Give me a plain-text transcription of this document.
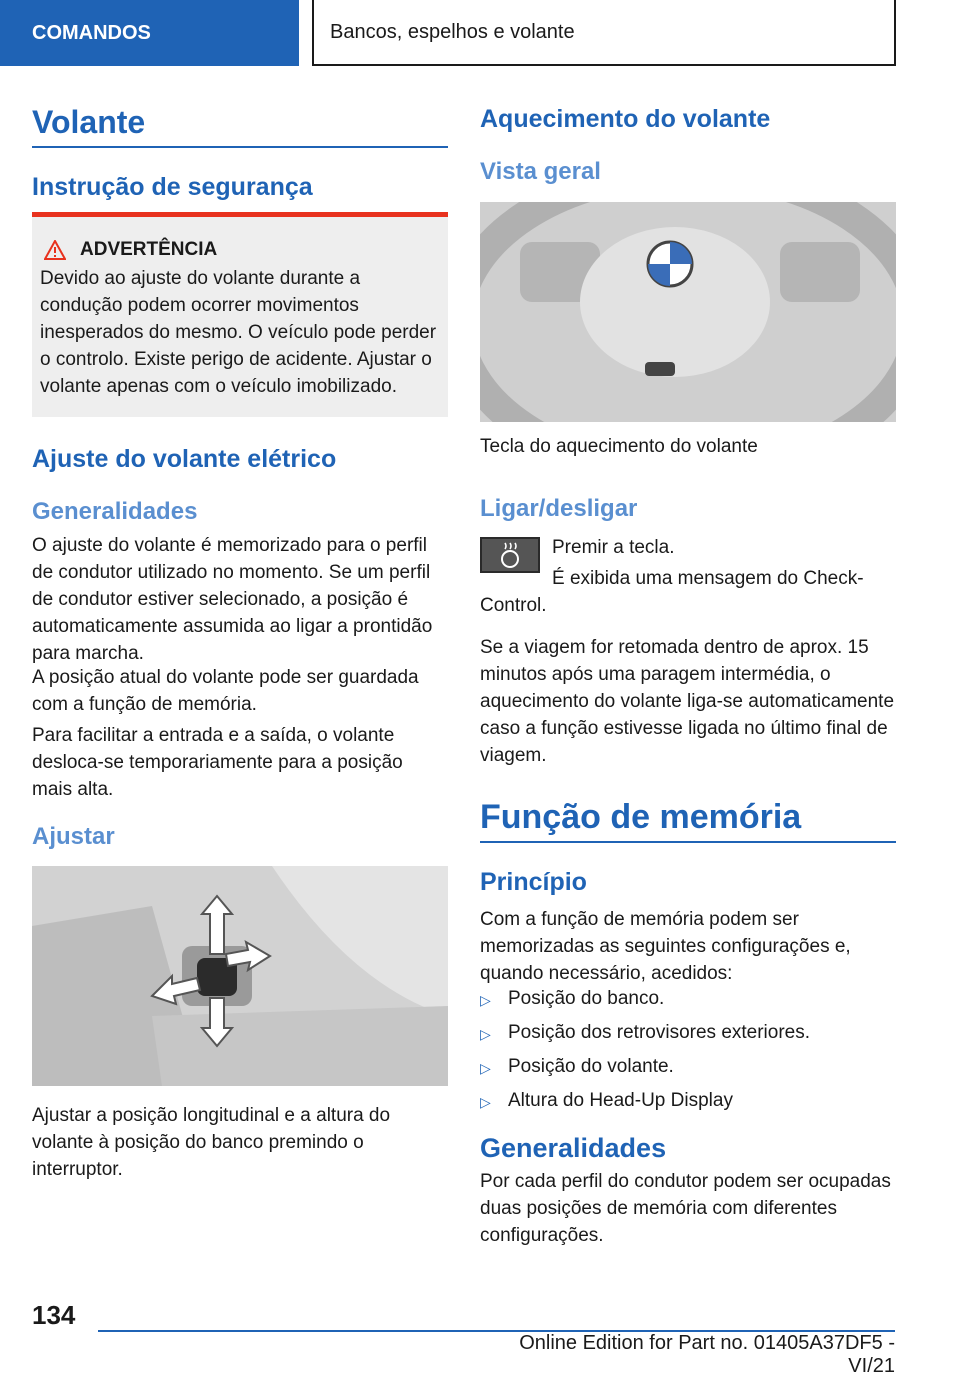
COMANDOS	Bancos, espelhos e volante
Volante
Instrução de segurança
ADVERTÊNCIA

Devido ao ajuste do volante durante a condução podem ocorrer movimentos inesperados do mesmo. O veículo pode perder o controlo. Existe perigo de acidente. Ajustar o volante apenas com o veículo imobilizado.

Ajuste do volante elétrico
Generalidades

O ajuste do volante é memorizado para o perfil de condutor utilizado no momento. Se um perfil de condutor estiver selecionado, a posição é automaticamente assumida ao ligar a prontidão para marcha.

A posição atual do volante pode ser guardada com a função de memória.

Para facilitar a entrada e a saída, o volante desloca-se temporariamente para a posição mais alta.

Ajustar

Ajustar a posição longitudinal e a altura do volante à posição do banco premindo o interruptor.

Aquecimento do volante
Vista geral

Tecla do aquecimento do volante

Ligar/desligar

Premir a tecla.

É exibida uma mensagem do Check-Control.

Se a viagem for retomada dentro de aprox. 15 minutos após uma paragem intermédia, o aquecimento do volante liga-se automaticamente caso a função estivesse ligada no último final de viagem.

Função de memória
Princípio

Com a função de memória podem ser memorizadas as seguintes configurações e, quando necessário, acedidos:

▷ Posição do banco.
▷ Posição dos retrovisores exteriores.
▷ Posição do volante.
▷ Altura do Head-Up Display
Generalidades

Por cada perfil do condutor podem ser ocupadas duas posições de memória com diferentes configurações.

134
Online Edition for Part no. 01405A37DF5 - VI/21
